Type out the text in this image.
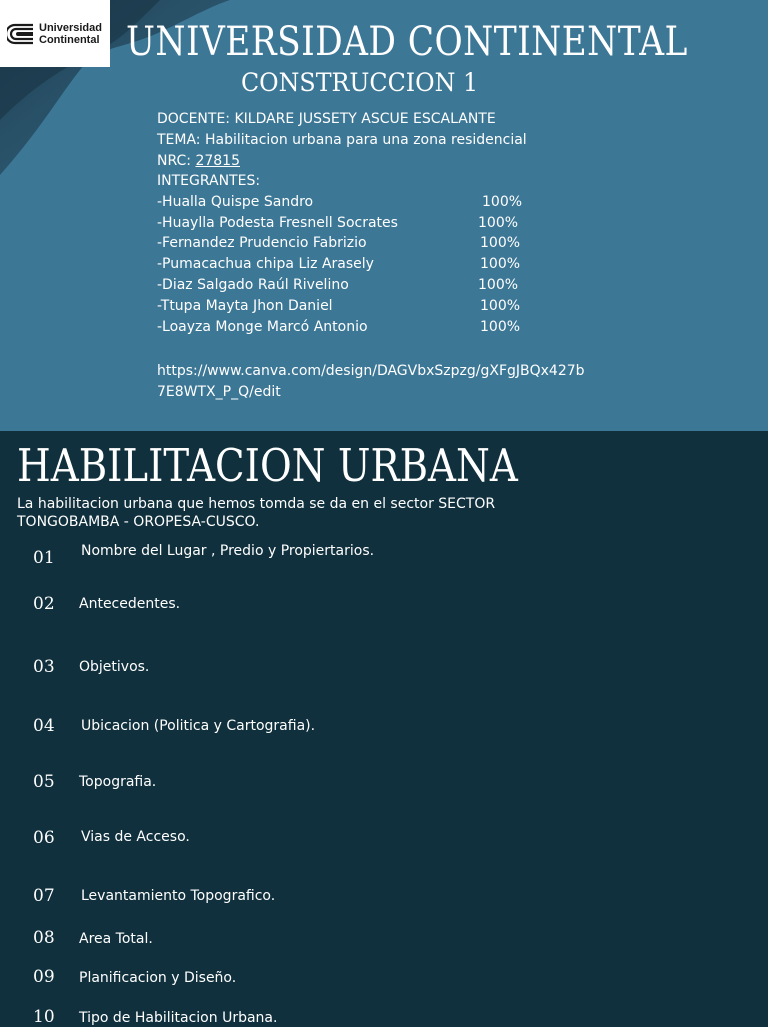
Universidad
Continental UNIVERSIDAD CONTINENTAL
CONSTRUCCION 1
DOCENTE: KILDARE JUSSETY ASCUE ESCALANTE
TEMA: Habilitacion urbana para una zona residencial
NRC: 27815
INTEGRANTES:
-Hualla Quispe Sandro	100%
-Huaylla Podesta Fresnell Socrates	100%
-Fernandez Prudencio Fabrizio	100%
-Pumacachua chipa Liz Arasely	100%
-Diaz Salgado Raúl Rivelino	100%
-Ttupa Mayta Jhon Daniel	100%
-Loayza Monge Marcó Antonio	100%
https://www.canva.com/design/DAGVbxSzpzg/gXFgJBQx427b7E8WTX_P_Q/edit
HABILITACION URBANA
La habilitacion urbana que hemos tomda se da en el sector SECTOR TONGOBAMBA - OROPESA-CUSCO.
01 Nombre del Lugar , Predio y Propiertarios.
02 Antecedentes.
03 Objetivos.
04 Ubicacion (Politica y Cartografia).
05 Topografia.
06 Vias de Acceso.
07 Levantamiento Topografico.
08 Area Total.
09 Planificacion y Diseño.
10 Tipo de Habilitacion Urbana.
